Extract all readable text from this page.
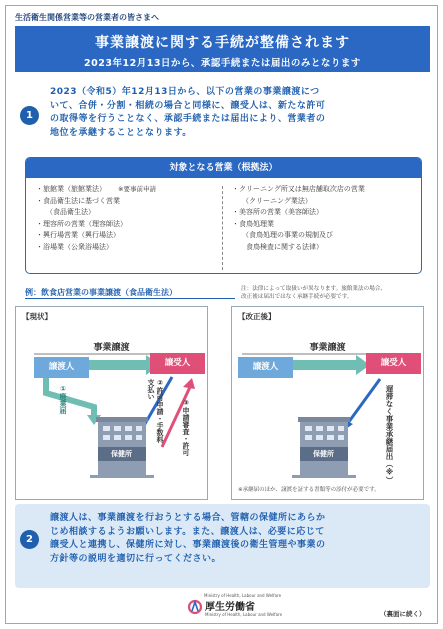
生活衛生関係営業等の営業者の皆さまへ
事業譲渡に関する手続が整備されます
2023年12月13日から、承認手続または届出のみとなります
1
2023（令和5）年12月13日から、以下の営業の事業譲渡につ
いて、合併・分割・相続の場合と同様に、譲受人は、新たな許可
の取得等を行うことなく、承認手続または届出により、営業者の
地位を承継することとなります。
対象となる営業（根拠法）
・旅館業（旅館業法） ※要事前申請
・食品衛生法に基づく営業
（食品衛生法）
・理容所の営業（理容師法）
・興行場営業（興行場法）
・浴場業（公衆浴場法）
・クリーニング所又は無店舗取次店の営業
（クリーニング業法）
・美容所の営業（美容師法）
・食鳥処理業
（食鳥処理の事業の規制及び
食鳥検査に関する法律）
例：飲食店営業の事業譲渡（食品衛生法）	注：法律によって取扱いが異なります。旅館業法の場合、
改正後は届出ではなく承継手続が必要です。
【現状】
事業譲渡
譲渡人	譲受人
①廃業届	②許可申請・手数料支払い
③申請審査・許可
保健所
【改正後】
事業譲渡
譲渡人	譲受人
遅滞なく事業承継届出（※）
保健所
※承継届のほか、譲渡を証する書類等の添付が必要です。
2
譲渡人は、事業譲渡を行おうとする場合、管轄の保健所にあらか
じめ相談するようお願いします。また、譲渡人は、必要に応じて
譲受人と連携し、保健所に対し、事業譲渡後の衛生管理や事業の
方針等の説明を適切に行ってください。
Ministry of Health, Labour and Welfare
厚生労働省
Ministry of Health, Labour and Welfare	（裏面に続く）
